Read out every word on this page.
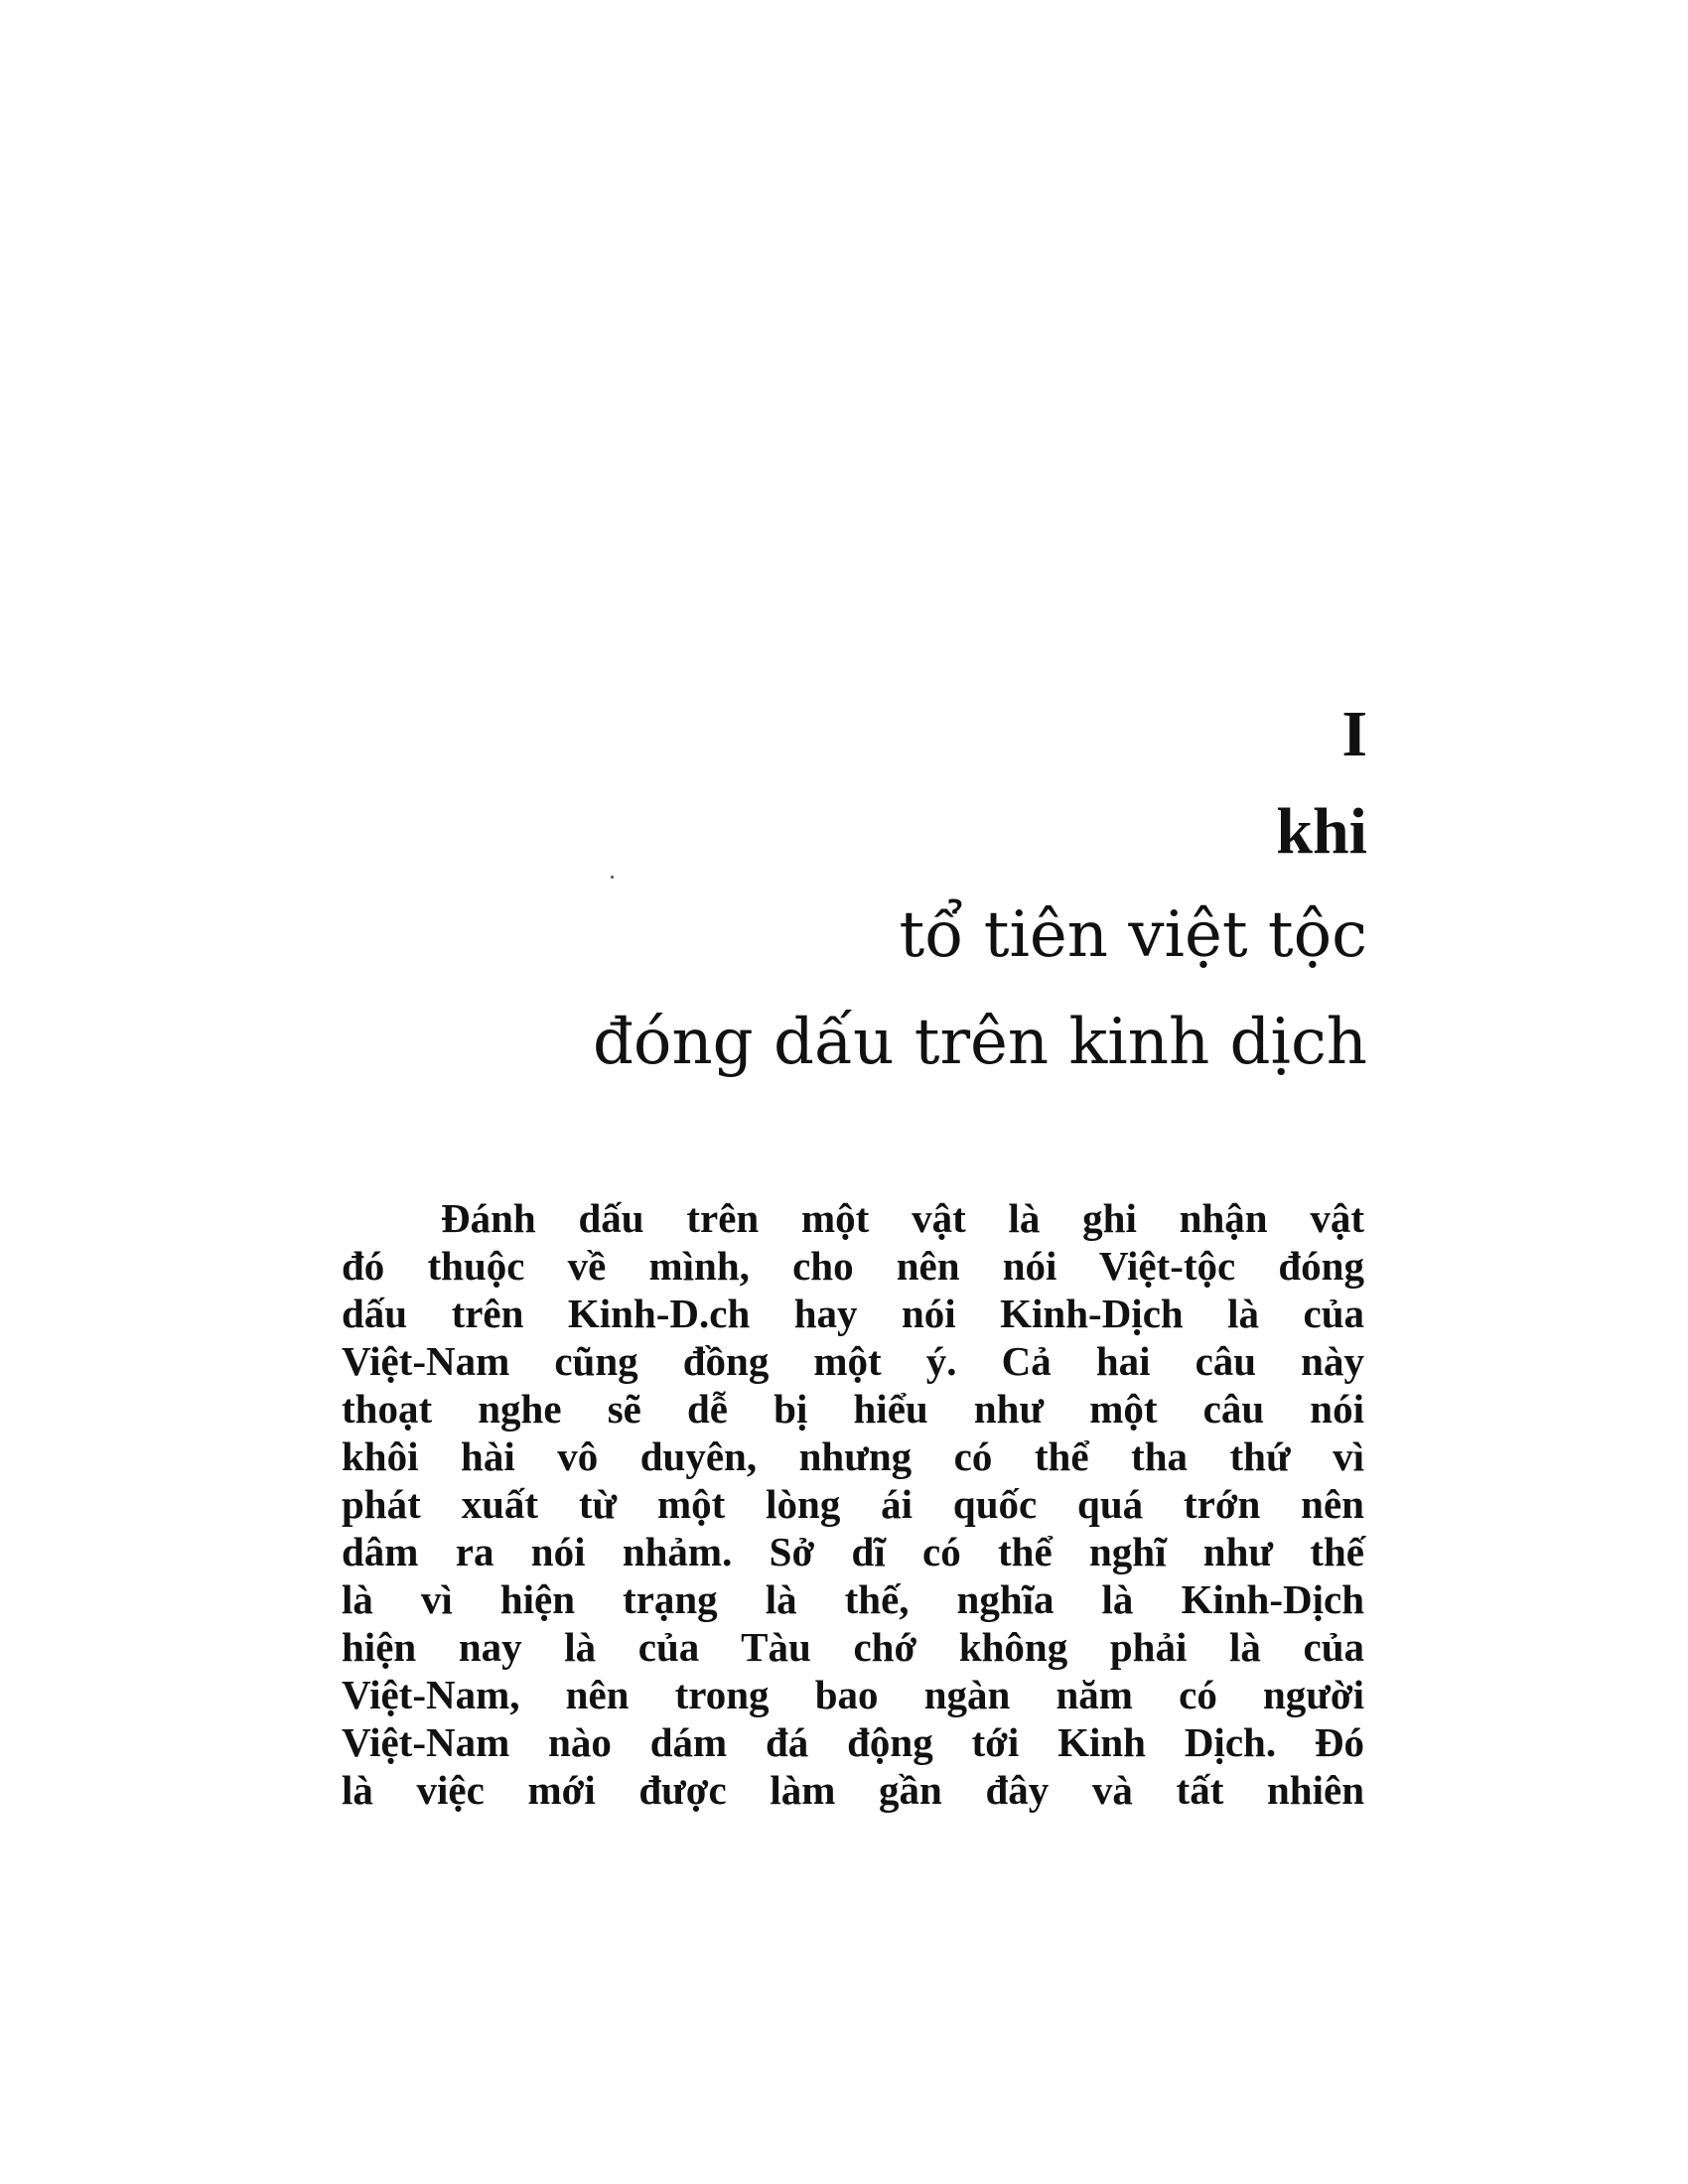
I
khi
tổ tiên việt tộc
đóng dấu trên kinh dịch
Đánh dấu trên một vật là ghi nhận vật
đó thuộc về mình, cho nên nói Việt-tộc đóng
dấu trên Kinh-D.ch hay nói Kinh-Dịch là của
Việt-Nam cũng đồng một ý. Cả hai câu này
thoạt nghe sẽ dễ bị hiểu như một câu nói
khôi hài vô duyên, nhưng có thể tha thứ vì
phát xuất từ một lòng ái quốc quá trớn nên
dâm ra nói nhảm. Sở dĩ có thể nghĩ như thế
là vì hiện trạng là thế, nghĩa là Kinh-Dịch
hiện nay là của Tàu chớ không phải là của
Việt-Nam, nên trong bao ngàn năm có người
Việt-Nam nào dám đá động tới Kinh Dịch. Đó
là việc mới được làm gần đây và tất nhiên
